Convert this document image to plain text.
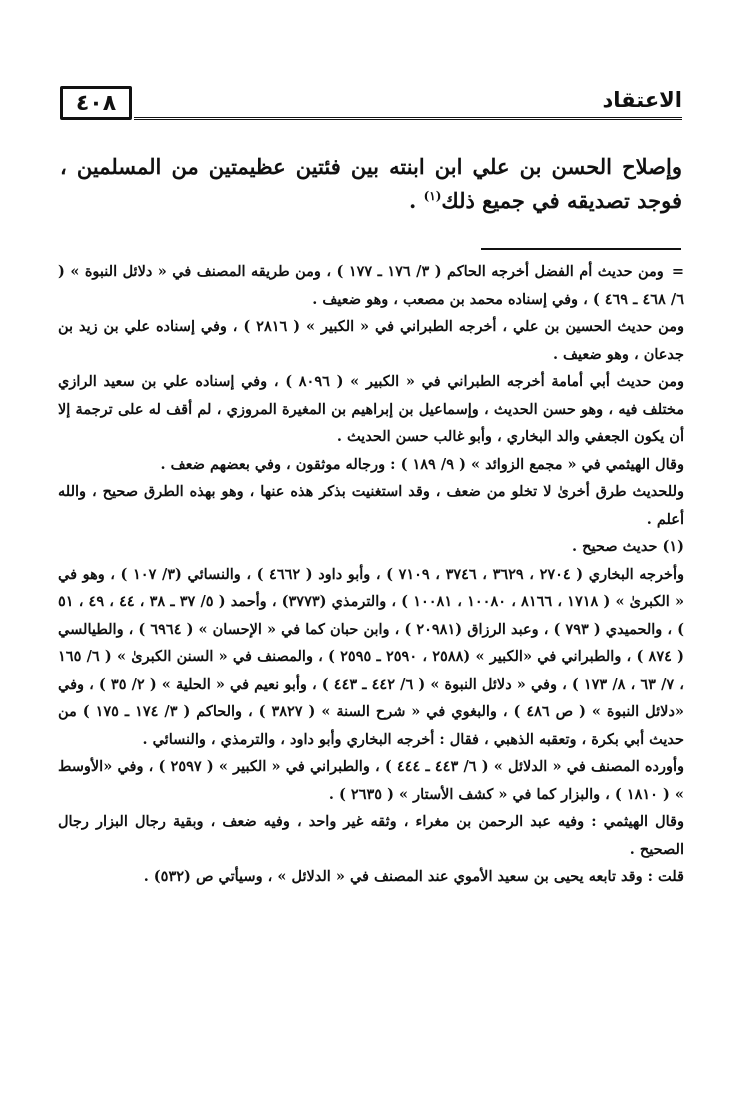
٤٠٨	الاعتقاد

وإصلاح الحسن بن علي ابن ابنته بين فئتين عظيمتين من المسلمين ، فوجد تصديقه في جميع ذلك$^{(١)}$ .

=ومن حديث أم الفضل أخرجه الحاكم ( ٣/ ١٧٦ ـ ١٧٧ ) ، ومن طريقه المصنف في « دلائل النبوة » ( ٦/ ٤٦٨ ـ ٤٦٩ ) ، وفي إسناده محمد بن مصعب ، وهو ضعيف .

ومن حديث الحسين بن علي ، أخرجه الطبراني في « الكبير » ( ٢٨١٦ ) ، وفي إسناده علي بن زيد بن جدعان ، وهو ضعيف .

ومن حديث أبي أمامة أخرجه الطبراني في « الكبير » ( ٨٠٩٦ ) ، وفي إسناده علي بن سعيد الرازي مختلف فيه ، وهو حسن الحديث ، وإسماعيل بن إبراهيم بن المغيرة المروزي ، لم أقف له على ترجمة إلا أن يكون الجعفي والد البخاري ، وأبو غالب حسن الحديث .

وقال الهيثمي في « مجمع الزوائد » ( ٩/ ١٨٩ ) : ورجاله موثقون ، وفي بعضهم ضعف .

وللحديث طرق أخرىٰ لا تخلو من ضعف ، وقد استغنيت بذكر هذه عنها ، وهو بهذه الطرق صحيح ، والله أعلم .

(١) حديث صحيح .

وأخرجه البخاري ( ٢٧٠٤ ، ٣٦٢٩ ، ٣٧٤٦ ، ٧١٠٩ ) ، وأبو داود ( ٤٦٦٢ ) ، والنسائي (٣/ ١٠٧ ) ، وهو في « الكبرىٰ » ( ١٧١٨ ، ٨١٦٦ ، ١٠٠٨٠ ، ١٠٠٨١ ) ، والترمذي (٣٧٧٣) ، وأحمد ( ٥/ ٣٧ ـ ٣٨ ، ٤٤ ، ٤٩ ، ٥١ ) ، والحميدي ( ٧٩٣ ) ، وعبد الرزاق (٢٠٩٨١ ) ، وابن حبان كما في « الإحسان » ( ٦٩٦٤ ) ، والطيالسي ( ٨٧٤ ) ، والطبراني في «الكبير » (٢٥٨٨ ، ٢٥٩٠ ـ ٢٥٩٥ ) ، والمصنف في « السنن الكبرىٰ » ( ٦/ ١٦٥ ، ٧/ ٦٣ ، ٨/ ١٧٣ ) ، وفي « دلائل النبوة » ( ٦/ ٤٤٢ ـ ٤٤٣ ) ، وأبو نعيم في « الحلية » ( ٢/ ٣٥ ) ، وفي «دلائل النبوة » ( ص ٤٨٦ ) ، والبغوي في « شرح السنة » ( ٣٨٢٧ ) ، والحاكم ( ٣/ ١٧٤ ـ ١٧٥ ) من حديث أبي بكرة ، وتعقبه الذهبي ، فقال : أخرجه البخاري وأبو داود ، والترمذي ، والنسائي .

وأورده المصنف في « الدلائل » ( ٦/ ٤٤٣ ـ ٤٤٤ ) ، والطبراني في « الكبير » ( ٢٥٩٧ ) ، وفي «الأوسط » ( ١٨١٠ ) ، والبزار كما في « كشف الأستار » ( ٢٦٣٥ ) .

وقال الهيثمي : وفيه عبد الرحمن بن مغراء ، وثقه غير واحد ، وفيه ضعف ، وبقية رجال البزار رجال الصحيح .

قلت : وقد تابعه يحيى بن سعيد الأموي عند المصنف في « الدلائل » ، وسيأتي ص (٥٣٢) .
